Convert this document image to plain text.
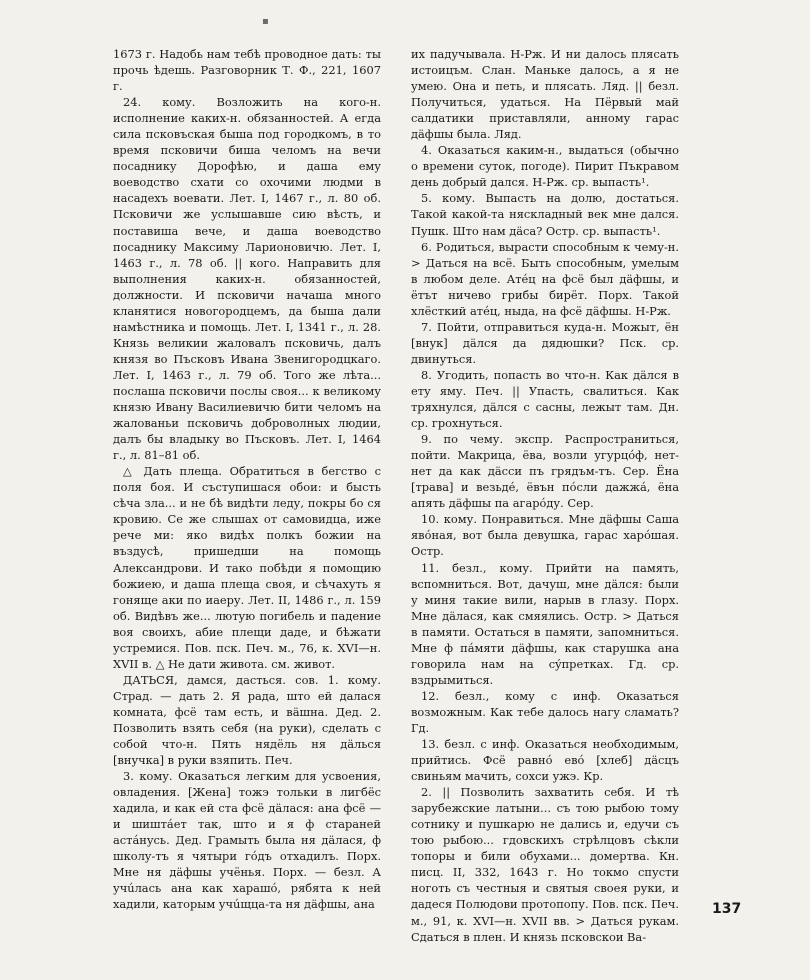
▪

1673 г. Надобь нам тебѣ проводное дать: ты прочь ѣдешь. Разговорник Т. Ф., 221, 1607 г.

24. кому. Возложить на кого-н. исполнение каких-н. обязанностей. А егда сила псковъская быша под городкомъ, в то время псковичи биша челомъ на вечи посаднику Дорофѣю, и даша ему воеводство схати со охочими людми в насадехъ воевати. Лет. I, 1467 г., л. 80 об. Псковичи же услышавше сию вѣсть, и поставиша вече, и даша воеводство посаднику Максиму Ларионовичю. Лет. I, 1463 г., л. 78 об. || кого. Направить для выполнения каких-н. обязанностей, должности. И псковичи начаша много кланятися новогородцемъ, да быша дали намѣстника и помощь. Лет. I, 1341 г., л. 28. Князь великии жаловалъ псковичь, далъ князя во Пъсковъ Ивана Звенигородцкаго. Лет. I, 1463 г., л. 79 об. Того же лѣта... послаша псковичи послы своя... к великому князю Ивану Василиевичю бити челомъ на жалованьи псковичь доброволных людии, далъ бы владыку во Пъсковъ. Лет. I, 1464 г., л. 81–81 об.

△ Дать плеща. Обратиться в бегство с поля боя. И съступишася обои: и бысть сѣча зла... и не бѣ видѣти леду, покры бо ся кровию. Се же слышах от самовидца, иже рече ми: яко видѣх полкъ божии на въздусѣ, пришедши на помощь Александрови. И тако побѣди я помощию божиею, и даша плеща своя, и сѣчахуть я гоняще аки по иаеру. Лет. II, 1486 г., л. 159 об. Видѣвъ же... лютую погибель и падение воя своихъ, абие плещи даде, и бѣжати устремися. Пов. пск. Печ. м., 76, к. XVI—н. XVII в. △ Не дати живота. см. живот.

ДАТЬСЯ, дамся, дасться. сов. 1. кому. Страд. — дать 2. Я рада, што ей далася комната, фсё там есть, и вäшна. Дед. 2. Позволить взять себя (на руки), сделать с собой что-н. Пять нядёль ня дäлься [внучка] в руки взяпить. Печ.

3. кому. Оказаться легким для усвоения, овладения. [Жена] тожэ тольки в лигбёс хадила, и как ей ста фсё дäлася: ана фсё — и шиштáет так, што и я ф стараней астáнусь. Дед. Грамыть была ня дäлася, ф школу-тъ я чятыри гóдъ отхадилъ. Порх. Мне ня дäфшы учёнья. Порх. — безл. А учúлась ана как харашó, рябята к ней хадили, каторым учúщца-та ня дäфшы, ана

их падучывала. Н-Рж. И ни далось плясать истоицъм. Слан. Маньке далось, а я не умею. Она и петь, и плясать. Ляд. || безл. Получиться, удаться. На Пёрвый май салдатики приставляли, анному гарас дäфшы была. Ляд.

4. Оказаться каким-н., выдаться (обычно о времени суток, погоде). Пирит Пъкравом день добрый дался. Н-Рж. ср. выпасть¹.

5. кому. Выпасть на долю, достаться. Такой какой-та няскладный век мне дался. Пушк. Што нам дäса? Остр. ср. выпасть¹.

6. Родиться, вырасти способным к чему-н. > Даться на всё. Быть способным, умелым в любом деле. Атéц на фсё был дäфшы, и ётът ничево грибы бирёт. Порх. Такой хлёсткий атéц, ныда, на фсё дäфшы. Н-Рж.

7. Пойти, отправиться куда-н. Можыт, ён [внук] дäлся да дядюшки? Пск. ср. двинуться.

8. Угодить, попасть во что-н. Как дäлся в ету яму. Печ. || Упасть, свалиться. Как тряхнулся, дäлся с сасны, лежыт там. Дн. ср. грохнуться.

9. по чему. экспр. Распространиться, пойти. Макрица, ёва, возли угурцóф, нет-нет да как дäсси пъ грядъм-тъ. Сер. Ёна [трава] и везьдé, ёвън пóсли дажжá, ёна апять дäфшы па агарóду. Сер.

10. кому. Понравиться. Мне дäфшы Саша явóная, вот была девушка, гарас харóшая. Остр.

11. безл., кому. Прийти на память, вспомниться. Вот, дачуш, мне дäлся: были у миня такие вили, нарыв в глазу. Порх. Мне дäлася, как смяялись. Остр. > Даться в памяти. Остаться в памяти, запомниться. Мне ф пáмяти дäфшы, как старушка ана говорила нам на сýпретках. Гд. ср. вздрымиться.

12. безл., кому с инф. Оказаться возможным. Как тебе далось нагу сламать? Гд.

13. безл. с инф. Оказаться необходимым, прийтись. Фсё равнó евó [хлеб] дäсцъ свиньям мачить, сохси ужэ. Кр.

2. || Позволить захватить себя. И тѣ зарубежские латыни... съ тою рыбою тому сотнику и пушкарю не дались и, едучи съ тою рыбою... гдовскихъ стрѣлцовъ сѣкли топоры и били обухами... домертва. Кн. писц. II, 332, 1643 г. Но токмо спусти ноготь съ честныя и святыя своея руки, и дадеся Полюдови протопопу. Пов. пск. Печ. м., 91, к. XVI—н. XVII вв. > Даться рукам. Сдаться в плен. И князь псковскои Ва-

137
